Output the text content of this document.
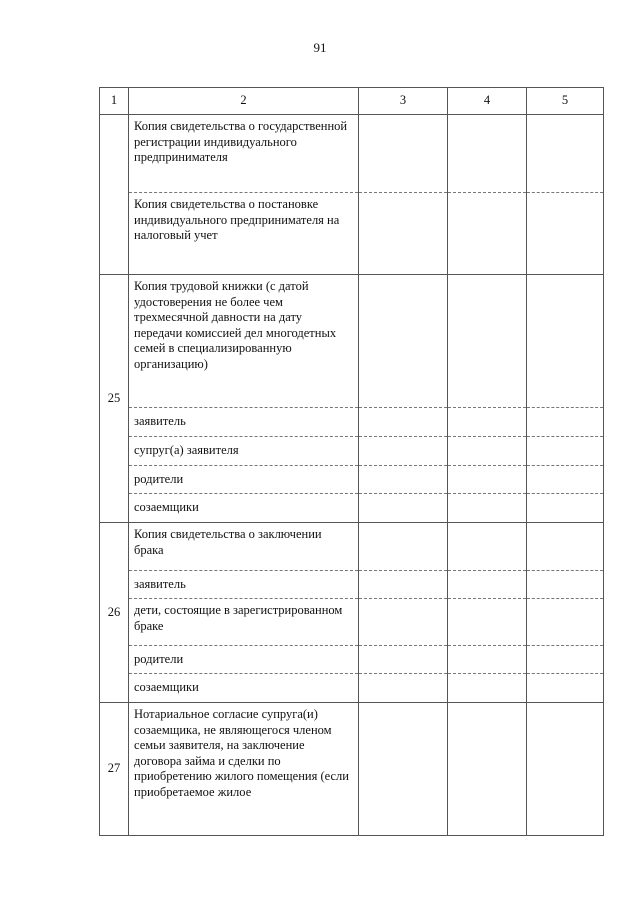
91
1	2	3	4	5
	Копия свидетельства о государственной регистрации индивидуального предпринимателя			
	Копия свидетельства о постановке индивидуального предпринимателя на налоговый учет			
25	Копия трудовой книжки (с датой удостоверения не более чем трехмесячной давности на дату передачи комиссией дел многодетных семей в специализированную организацию)			
	заявитель			
	супруг(а) заявителя			
	родители			
	созаемщики			
26	Копия свидетельства о заключении брака			
	заявитель			
	дети, состоящие в зарегистрированном браке			
	родители			
	созаемщики			
27	Нотариальное согласие супруга(и) созаемщика, не являющегося членом семьи заявителя, на заключение договора займа и сделки по приобретению жилого помещения (если приобретаемое жилое			
